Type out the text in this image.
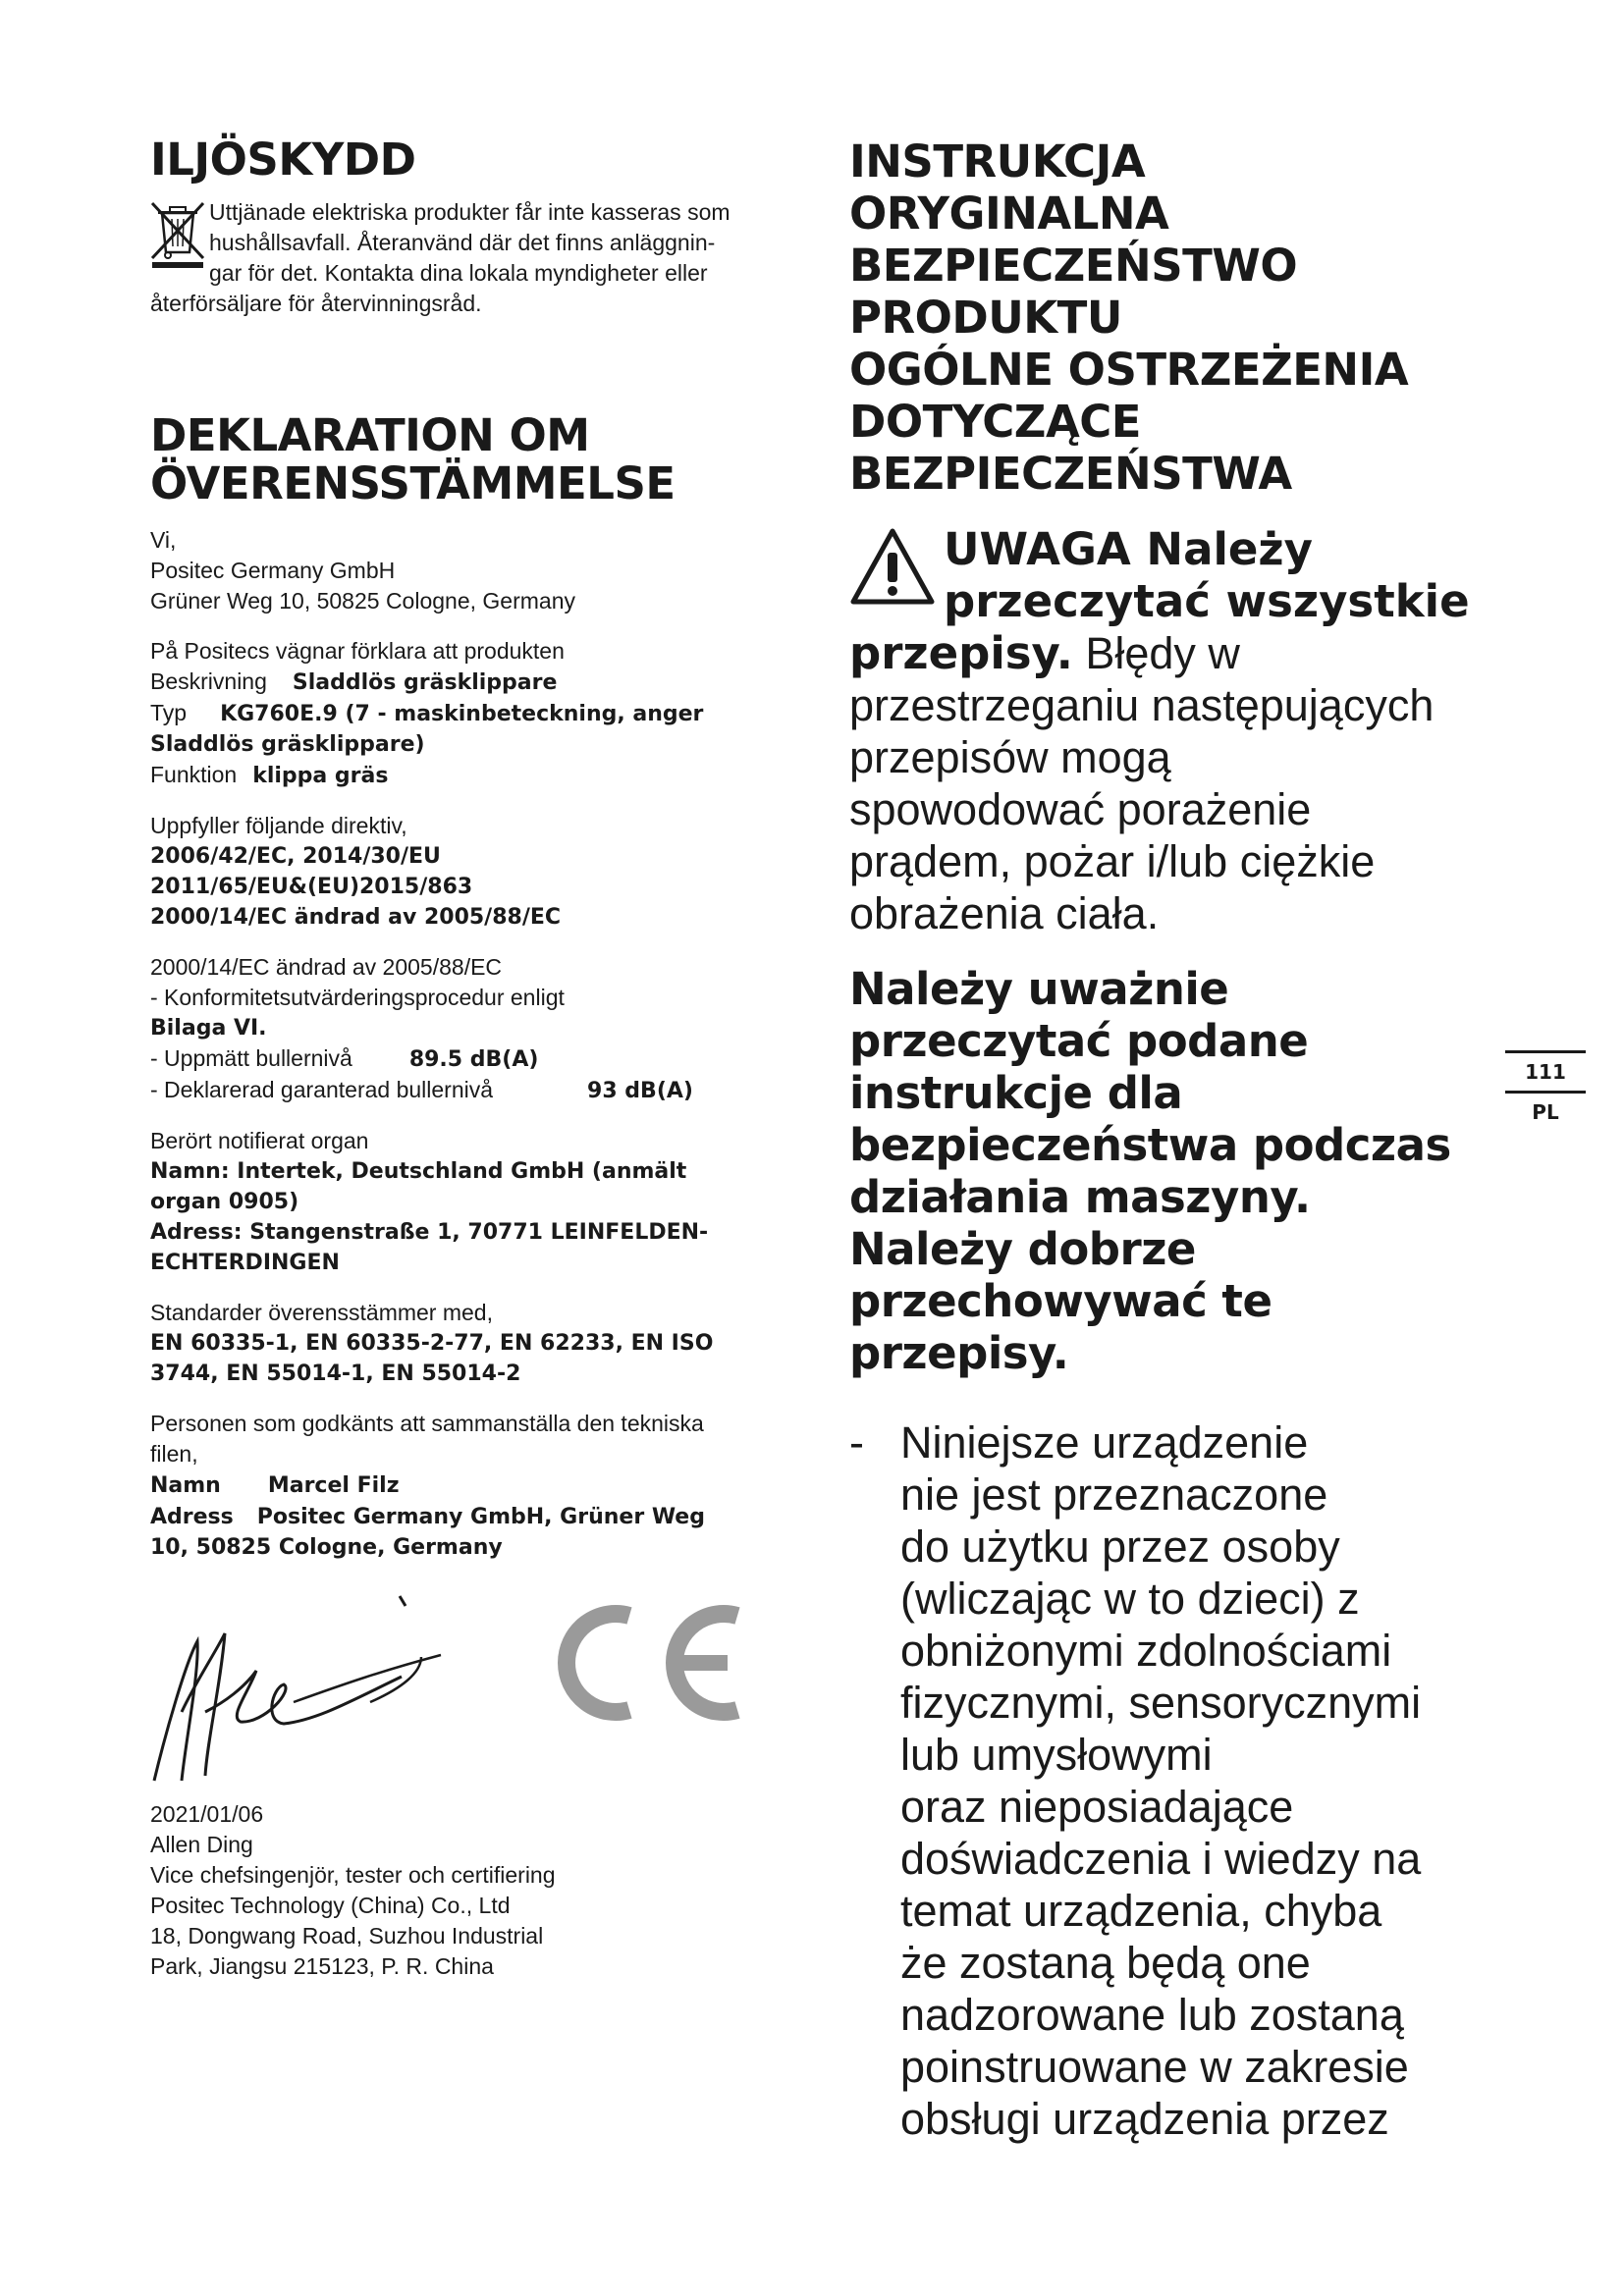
ILJÖSKYDD
Uttjänade elektriska produkter får inte kasseras som
hushållsavfall. Återanvänd där det finns anläggnin-
gar för det. Kontakta dina lokala myndigheter eller
återförsäljare för återvinningsråd.
DEKLARATION OM
ÖVERENSSTÄMMELSE
Vi,
Positec Germany GmbH
Grüner Weg 10, 50825 Cologne, Germany
På Positecs vägnar förklara att produkten
Beskrivning Sladdlös gräsklippare
Typ KG760E.9 (7 - maskinbeteckning, anger
Sladdlös gräsklippare)
Funktion klippa gräs
Uppfyller följande direktiv,
2006/42/EC, 2014/30/EU
2011/65/EU&(EU)2015/863
2000/14/EC ändrad av 2005/88/EC
2000/14/EC ändrad av 2005/88/EC
- Konformitetsutvärderingsprocedur enligt
Bilaga VI.
- Uppmätt bullernivå	89.5 dB(A)
- Deklarerad garanterad bullernivå	93 dB(A)
Berört notifierat organ
Namn: Intertek, Deutschland GmbH (anmält
organ 0905)
Adress: Stangenstraße 1, 70771 LEINFELDEN-
ECHTERDINGEN
Standarder överensstämmer med,
EN 60335-1, EN 60335-2-77, EN 62233, EN ISO
3744, EN 55014-1, EN 55014-2
Personen som godkänts att sammanställa den tekniska
filen,
Namn Marcel Filz
Adress Positec Germany GmbH, Grüner Weg
10, 50825 Cologne, Germany
2021/01/06
Allen Ding
Vice chefsingenjör, tester och certifiering
Positec Technology (China) Co., Ltd
18, Dongwang Road, Suzhou Industrial
Park, Jiangsu 215123, P. R. China
INSTRUKCJA
ORYGINALNA
BEZPIECZEŃSTWO
PRODUKTU
OGÓLNE OSTRZEŻENIA
DOTYCZĄCE
BEZPIECZEŃSTWA
UWAGA Należy
przeczytać wszystkie
przepisy. Błędy w
przestrzeganiu następujących
przepisów mogą
spowodować porażenie
prądem, pożar i/lub ciężkie
obrażenia ciała.
Należy uważnie
przeczytać podane
instrukcje dla
bezpieczeństwa podczas
działania maszyny.
Należy dobrze
przechowywać te
przepisy.
- Niniejsze urządzenie
nie jest przeznaczone
do użytku przez osoby
(wliczając w to dzieci) z
obniżonymi zdolnościami
fizycznymi, sensorycznymi
lub umysłowymi
oraz nieposiadające
doświadczenia i wiedzy na
temat urządzenia, chyba
że zostaną będą one
nadzorowane lub zostaną
poinstruowane w zakresie
obsługi urządzenia przez
111
PL
